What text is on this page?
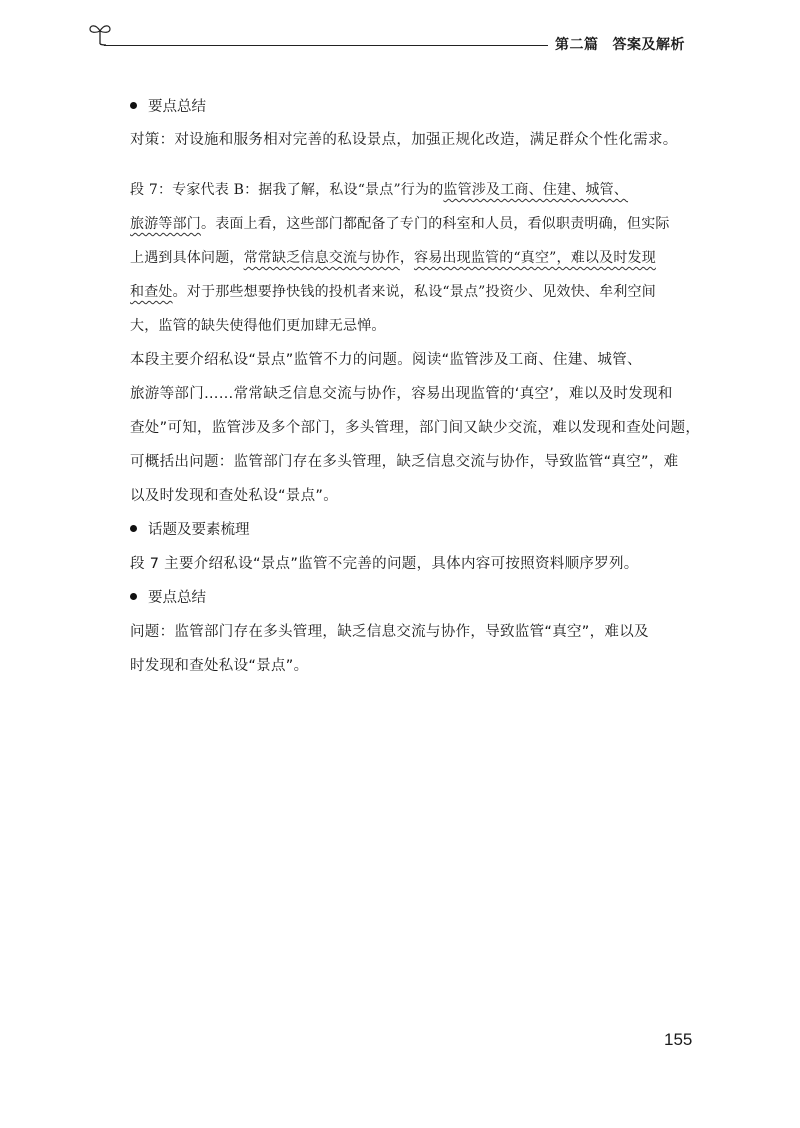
第二篇 答案及解析
要点总结
对策：对设施和服务相对完善的私设景点，加强正规化改造，满足群众个性化需求。
段 7：专家代表 B：据我了解，私设“景点”行为的监管涉及工商、住建、城管、
旅游等部门。表面上看，这些部门都配备了专门的科室和人员，看似职责明确，但实际
上遇到具体问题，常常缺乏信息交流与协作，容易出现监管的“真空”，难以及时发现
和查处。对于那些想要挣快钱的投机者来说，私设“景点”投资少、见效快、牟利空间
大，监管的缺失使得他们更加肆无忌惮。
本段主要介绍私设“景点”监管不力的问题。阅读“监管涉及工商、住建、城管、
旅游等部门……常常缺乏信息交流与协作，容易出现监管的‘真空’，难以及时发现和
查处”可知，监管涉及多个部门，多头管理，部门间又缺少交流，难以发现和查处问题，
可概括出问题：监管部门存在多头管理，缺乏信息交流与协作，导致监管“真空”，难
以及时发现和查处私设“景点”。
话题及要素梳理
段 7 主要介绍私设“景点”监管不完善的问题，具体内容可按照资料顺序罗列。
要点总结
问题：监管部门存在多头管理，缺乏信息交流与协作，导致监管“真空”，难以及
时发现和查处私设“景点”。
155
